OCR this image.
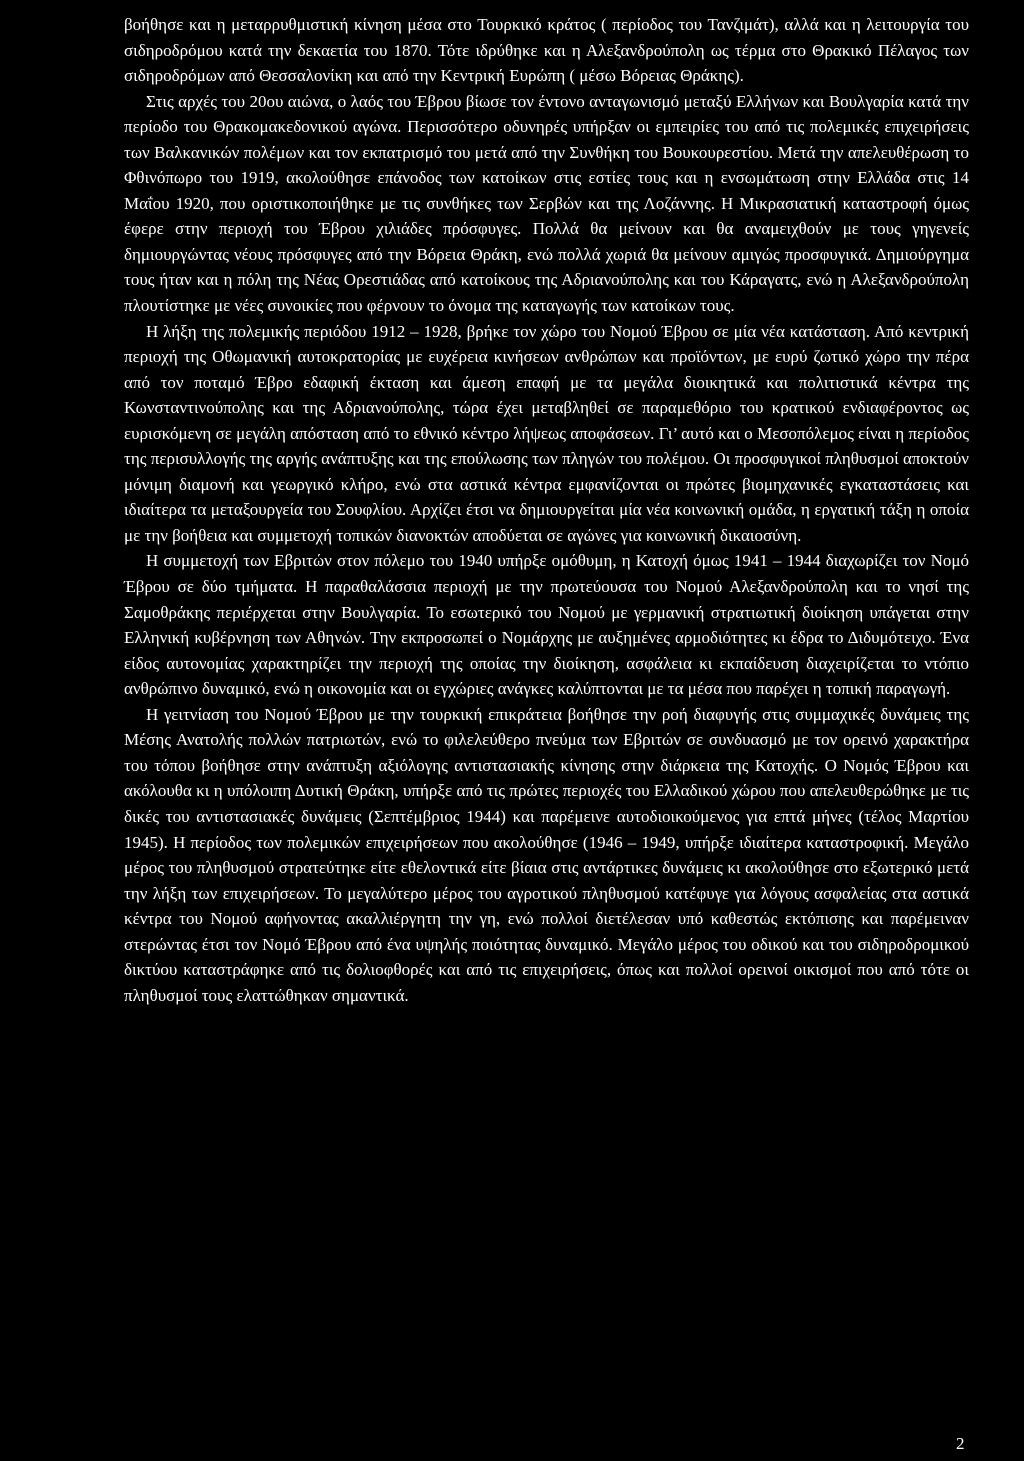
βοήθησε και η μεταρρυθμιστική κίνηση μέσα στο Τουρκικό κράτος ( περίοδος του Τανζιμάτ), αλλά και η λειτουργία του σιδηροδρόμου κατά την δεκαετία του 1870. Τότε ιδρύθηκε και η Αλεξανδρούπολη ως τέρμα στο Θρακικό Πέλαγος των σιδηροδρόμων από Θεσσαλονίκη και από την Κεντρική Ευρώπη ( μέσω Βόρειας Θράκης).

Στις αρχές του 20ου αιώνα, ο λαός του Έβρου βίωσε τον έντονο ανταγωνισμό μεταξύ Ελλήνων και Βουλγαρία κατά την περίοδο του Θρακομακεδονικού αγώνα. Περισσότερο οδυνηρές υπήρξαν οι εμπειρίες του από τις πολεμικές επιχειρήσεις των Βαλκανικών πολέμων και τον εκπατρισμό του μετά από την Συνθήκη του Βουκουρεστίου. Μετά την απελευθέρωση το Φθινόπωρο του 1919, ακολούθησε επάνοδος των κατοίκων στις εστίες τους και η ενσωμάτωση στην Ελλάδα στις 14 Μαΐου 1920, που οριστικοποιήθηκε με τις συνθήκες των Σερβών και της Λοζάννης. Η Μικρασιατική καταστροφή όμως έφερε στην περιοχή του Έβρου χιλιάδες πρόσφυγες. Πολλά θα μείνουν και θα αναμειχθούν με τους γηγενείς δημιουργώντας νέους πρόσφυγες από την Βόρεια Θράκη, ενώ πολλά χωριά θα μείνουν αμιγώς προσφυγικά. Δημιούργημα τους ήταν και η πόλη της Νέας Ορεστιάδας από κατοίκους της Αδριανούπολης και του Κάραγατς, ενώ η Αλεξανδρούπολη πλουτίστηκε με νέες συνοικίες που φέρνουν το όνομα της καταγωγής των κατοίκων τους.

Η λήξη της πολεμικής περιόδου 1912 – 1928, βρήκε τον χώρο του Νομού Έβρου σε μία νέα κατάσταση. Από κεντρική περιοχή της Οθωμανική αυτοκρατορίας με ευχέρεια κινήσεων ανθρώπων και προϊόντων, με ευρύ ζωτικό χώρο την πέρα από τον ποταμό Έβρο εδαφική έκταση και άμεση επαφή με τα μεγάλα διοικητικά και πολιτιστικά κέντρα της Κωνσταντινούπολης και της Αδριανούπολης, τώρα έχει μεταβληθεί σε παραμεθόριο του κρατικού ενδιαφέροντος ως ευρισκόμενη σε μεγάλη απόσταση από το εθνικό κέντρο λήψεως αποφάσεων. Γι’ αυτό και ο Μεσοπόλεμος είναι η περίοδος της περισυλλογής της αργής ανάπτυξης και της επούλωσης των πληγών του πολέμου. Οι προσφυγικοί πληθυσμοί αποκτούν μόνιμη διαμονή και γεωργικό κλήρο, ενώ στα αστικά κέντρα εμφανίζονται οι πρώτες βιομηχανικές εγκαταστάσεις και ιδιαίτερα τα μεταξουργεία του Σουφλίου. Αρχίζει έτσι να δημιουργείται μία νέα κοινωνική ομάδα, η εργατική τάξη η οποία με την βοήθεια και συμμετοχή τοπικών διανοκτών αποδύεται σε αγώνες για κοινωνική δικαιοσύνη.

Η συμμετοχή των Εβριτών στον πόλεμο του 1940 υπήρξε ομόθυμη, η Κατοχή όμως 1941 – 1944 διαχωρίζει τον Νομό Έβρου σε δύο τμήματα. Η παραθαλάσσια περιοχή με την πρωτεύουσα του Νομού Αλεξανδρούπολη και το νησί της Σαμοθράκης περιέρχεται στην Βουλγαρία. Το εσωτερικό του Νομού με γερμανική στρατιωτική διοίκηση υπάγεται στην Ελληνική κυβέρνηση των Αθηνών. Την εκπροσωπεί ο Νομάρχης με αυξημένες αρμοδιότητες κι έδρα το Διδυμότειχο. Ένα είδος αυτονομίας χαρακτηρίζει την περιοχή της οποίας την διοίκηση, ασφάλεια κι εκπαίδευση διαχειρίζεται το ντόπιο ανθρώπινο δυναμικό, ενώ η οικονομία και οι εγχώριες ανάγκες καλύπτονται με τα μέσα που παρέχει η τοπική παραγωγή.

Η γειτνίαση του Νομού Έβρου με την τουρκική επικράτεια βοήθησε την ροή διαφυγής στις συμμαχικές δυνάμεις της Μέσης Ανατολής πολλών πατριωτών, ενώ το φιλελεύθερο πνεύμα των Εβριτών σε συνδυασμό με τον ορεινό χαρακτήρα του τόπου βοήθησε στην ανάπτυξη αξιόλογης αντιστασιακής κίνησης στην διάρκεια της Κατοχής. Ο Νομός Έβρου και ακόλουθα κι η υπόλοιπη Δυτική Θράκη, υπήρξε από τις πρώτες περιοχές του Ελλαδικού χώρου που απελευθερώθηκε με τις δικές του αντιστασιακές δυνάμεις (Σεπτέμβριος 1944) και παρέμεινε αυτοδιοικούμενος για επτά μήνες (τέλος Μαρτίου 1945). Η περίοδος των πολεμικών επιχειρήσεων που ακολούθησε (1946 – 1949, υπήρξε ιδιαίτερα καταστροφική. Μεγάλο μέρος του πληθυσμού στρατεύτηκε είτε εθελοντικά είτε βίαια στις αντάρτικες δυνάμεις κι ακολούθησε στο εξωτερικό μετά την λήξη των επιχειρήσεων. Το μεγαλύτερο μέρος του αγροτικού πληθυσμού κατέφυγε για λόγους ασφαλείας στα αστικά κέντρα του Νομού αφήνοντας ακαλλιέργητη την γη, ενώ πολλοί διετέλεσαν υπό καθεστώς εκτόπισης και παρέμειναν στερώντας έτσι τον Νομό Έβρου από ένα υψηλής ποιότητας δυναμικό. Μεγάλο μέρος του οδικού και του σιδηροδρομικού δικτύου καταστράφηκε από τις δολιοφθορές και από τις επιχειρήσεις, όπως και πολλοί ορεινοί οικισμοί που από τότε οι πληθυσμοί τους ελαττώθηκαν σημαντικά.

2
